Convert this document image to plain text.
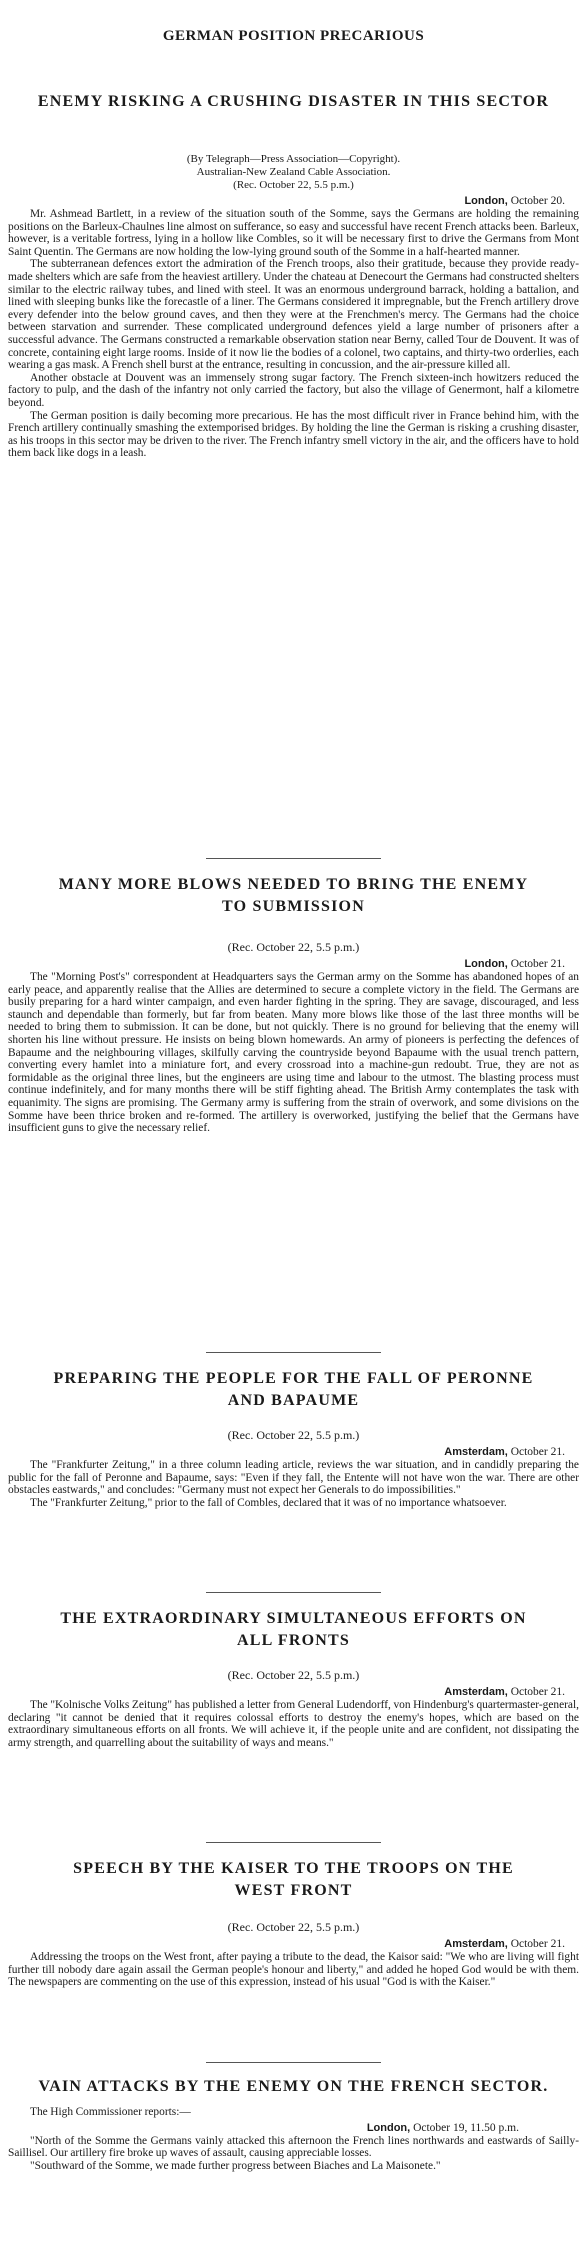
GERMAN POSITION PRECARIOUS
ENEMY RISKING A CRUSHING DISASTER IN THIS SECTOR
(By Telegraph—Press Association—Copyright).
Australian-New Zealand Cable Association.
(Rec. October 22, 5.5 p.m.)
London, October 20.

Mr. Ashmead Bartlett, in a review of the situation south of the Somme, says the Germans are holding the remaining positions on the Barleux-Chaulnes line almost on sufferance, so easy and successful have recent French attacks been. Barleux, however, is a veritable fortress, lying in a hollow like Combles, so it will be necessary first to drive the Germans from Mont Saint Quentin. The Germans are now holding the low-lying ground south of the Somme in a half-hearted manner.

The subterranean defences extort the admiration of the French troops, also their gratitude, because they provide ready-made shelters which are safe from the heaviest artillery. Under the chateau at Denecourt the Germans had constructed shelters similar to the electric railway tubes, and lined with steel. It was an enormous underground barrack, holding a battalion, and lined with sleeping bunks like the forecastle of a liner. The Germans considered it impregnable, but the French artillery drove every defender into the below ground caves, and then they were at the Frenchmen's mercy. The Germans had the choice between starvation and surrender. These complicated underground defences yield a large number of prisoners after a successful advance. The Germans constructed a remarkable observation station near Berny, called Tour de Douvent. It was of concrete, containing eight large rooms. Inside of it now lie the bodies of a colonel, two captains, and thirty-two orderlies, each wearing a gas mask. A French shell burst at the entrance, resulting in concussion, and the air-pressure killed all.

Another obstacle at Douvent was an immensely strong sugar factory. The French sixteen-inch howitzers reduced the factory to pulp, and the dash of the infantry not only carried the factory, but also the village of Genermont, half a kilometre beyond.

The German position is daily becoming more precarious. He has the most difficult river in France behind him, with the French artillery continually smashing the extemporised bridges. By holding the line the German is risking a crushing disaster, as his troops in this sector may be driven to the river. The French infantry smell victory in the air, and the officers have to hold them back like dogs in a leash.

MANY MORE BLOWS NEEDED TO BRING THE ENEMY
TO SUBMISSION
(Rec. October 22, 5.5 p.m.)
London, October 21.

The "Morning Post's" correspondent at Headquarters says the German army on the Somme has abandoned hopes of an early peace, and apparently realise that the Allies are determined to secure a complete victory in the field. The Germans are busily preparing for a hard winter campaign, and even harder fighting in the spring. They are savage, discouraged, and less staunch and dependable than formerly, but far from beaten. Many more blows like those of the last three months will be needed to bring them to submission. It can be done, but not quickly. There is no ground for believing that the enemy will shorten his line without pressure. He insists on being blown homewards. An army of pioneers is perfecting the defences of Bapaume and the neighbouring villages, skilfully carving the countryside beyond Bapaume with the usual trench pattern, converting every hamlet into a miniature fort, and every crossroad into a machine-gun redoubt. True, they are not as formidable as the original three lines, but the engineers are using time and labour to the utmost. The blasting process must continue indefinitely, and for many months there will be stiff fighting ahead. The British Army contemplates the task with equanimity. The signs are promising. The Germany army is suffering from the strain of overwork, and some divisions on the Somme have been thrice broken and re-formed. The artillery is overworked, justifying the belief that the Germans have insufficient guns to give the necessary relief.

PREPARING THE PEOPLE FOR THE FALL OF PERONNE
AND BAPAUME
(Rec. October 22, 5.5 p.m.)
Amsterdam, October 21.

The "Frankfurter Zeitung," in a three column leading article, reviews the war situation, and in candidly preparing the public for the fall of Peronne and Bapaume, says: "Even if they fall, the Entente will not have won the war. There are other obstacles eastwards," and concludes: "Germany must not expect her Generals to do impossibilities."

The "Frankfurter Zeitung," prior to the fall of Combles, declared that it was of no importance whatsoever.

THE EXTRAORDINARY SIMULTANEOUS EFFORTS ON
ALL FRONTS
(Rec. October 22, 5.5 p.m.)
Amsterdam, October 21.

The "Kolnische Volks Zeitung" has published a letter from General Ludendorff, von Hindenburg's quartermaster-general, declaring "it cannot be denied that it requires colossal efforts to destroy the enemy's hopes, which are based on the extraordinary simultaneous efforts on all fronts. We will achieve it, if the people unite and are confident, not dissipating the army strength, and quarrelling about the suitability of ways and means."

SPEECH BY THE KAISER TO THE TROOPS ON THE
WEST FRONT
(Rec. October 22, 5.5 p.m.)
Amsterdam, October 21.

Addressing the troops on the West front, after paying a tribute to the dead, the Kaisor said: "We who are living will fight further till nobody dare again assail the German people's honour and liberty," and added he hoped God would be with them. The newspapers are commenting on the use of this expression, instead of his usual "God is with the Kaiser."

VAIN ATTACKS BY THE ENEMY ON THE FRENCH SECTOR.

The High Commissioner reports:—

London, October 19, 11.50 p.m.

"North of the Somme the Germans vainly attacked this afternoon the French lines northwards and eastwards of Sailly-Saillisel. Our artillery fire broke up waves of assault, causing appreciable losses.

"Southward of the Somme, we made further progress between Biaches and La Maisonete."
